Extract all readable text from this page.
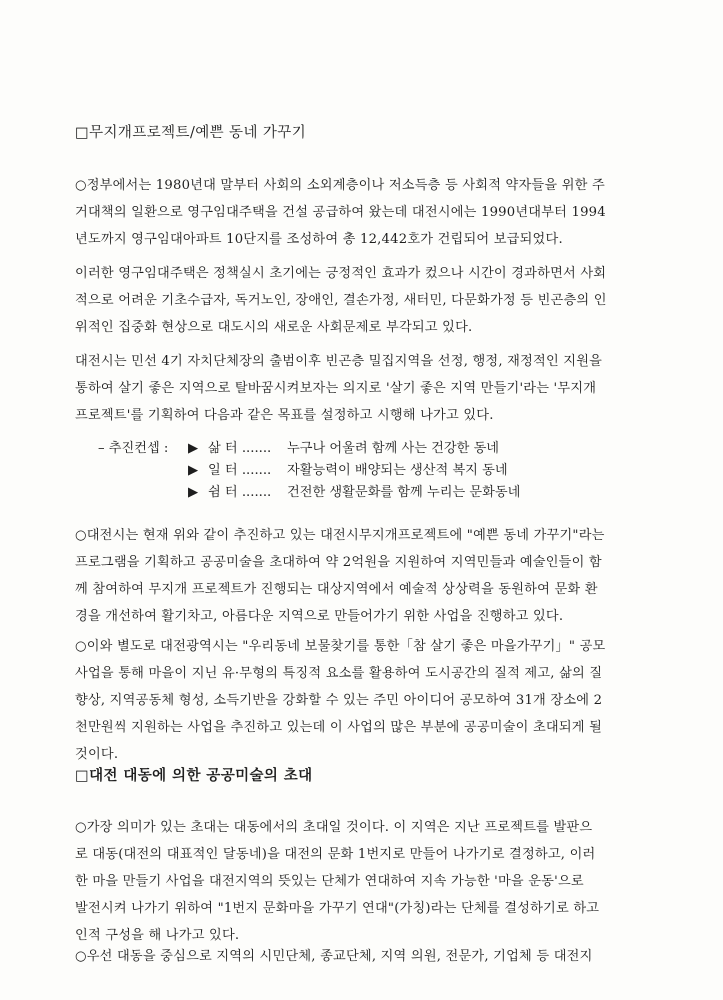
□무지개프로젝트/예쁜 동네 가꾸기
○정부에서는 1980년대 말부터 사회의 소외계층이나 저소득층 등 사회적 약자들을 위한 주
거대책의 일환으로 영구임대주택을 건설 공급하여 왔는데 대전시에는 1990년대부터 1994
년도까지 영구임대아파트 10단지를 조성하여 총 12,442호가 건립되어 보급되었다.
이러한 영구임대주택은 정책실시 초기에는 긍정적인 효과가 컸으나 시간이 경과하면서 사회
적으로 어려운 기초수급자, 독거노인, 장애인, 결손가정, 새터민, 다문화가정 등 빈곤층의 인
위적인 집중화 현상으로 대도시의 새로운 사회문제로 부각되고 있다.
대전시는 민선 4기 자치단체장의 출범이후 빈곤층 밀집지역을 선정, 행정, 재정적인 지원을
통하여 살기 좋은 지역으로 탈바꿈시켜보자는 의지로 '살기 좋은 지역 만들기'라는 '무지개
프로젝트'를 기획하여 다음과 같은 목표를 설정하고 시행해 나가고 있다.
– 추진컨셉 : ▶ 삶 터 ....... 누구나 어울려 함께 사는 건강한 동네
▶ 일 터 ....... 자활능력이 배양되는 생산적 복지 동네
▶ 쉼 터 ....... 건전한 생활문화를 함께 누리는 문화동네
○대전시는 현재 위와 같이 추진하고 있는 대전시무지개프로젝트에 "예쁜 동네 가꾸기"라는
프로그램을 기획하고 공공미술을 초대하여 약 2억원을 지원하여 지역민들과 예술인들이 함
께 참여하여 무지개 프로젝트가 진행되는 대상지역에서 예술적 상상력을 동원하여 문화 환
경을 개선하여 활기차고, 아름다운 지역으로 만들어가기 위한 사업을 진행하고 있다.
○이와 별도로 대전광역시는 "우리동네 보물찾기를 통한「참 살기 좋은 마을가꾸기」" 공모
사업을 통해 마을이 지닌 유·무형의 특징적 요소를 활용하여 도시공간의 질적 제고, 삶의 질
향상, 지역공동체 형성, 소득기반을 강화할 수 있는 주민 아이디어 공모하여 31개 장소에 2
천만원씩 지원하는 사업을 추진하고 있는데 이 사업의 많은 부분에 공공미술이 초대되게 될
것이다.
□대전 대동에 의한 공공미술의 초대
○가장 의미가 있는 초대는 대동에서의 초대일 것이다. 이 지역은 지난 프로젝트를 발판으
로 대동(대전의 대표적인 달동네)을 대전의 문화 1번지로 만들어 나가기로 결정하고, 이러
한 마을 만들기 사업을 대전지역의 뜻있는 단체가 연대하여 지속 가능한 '마을 운동'으로
발전시켜 나가기 위하여 "1번지 문화마을 가꾸기 연대"(가칭)라는 단체를 결성하기로 하고
인적 구성을 해 나가고 있다.
○우선 대동을 중심으로 지역의 시민단체, 종교단체, 지역 의원, 전문가, 기업체 등 대전지
